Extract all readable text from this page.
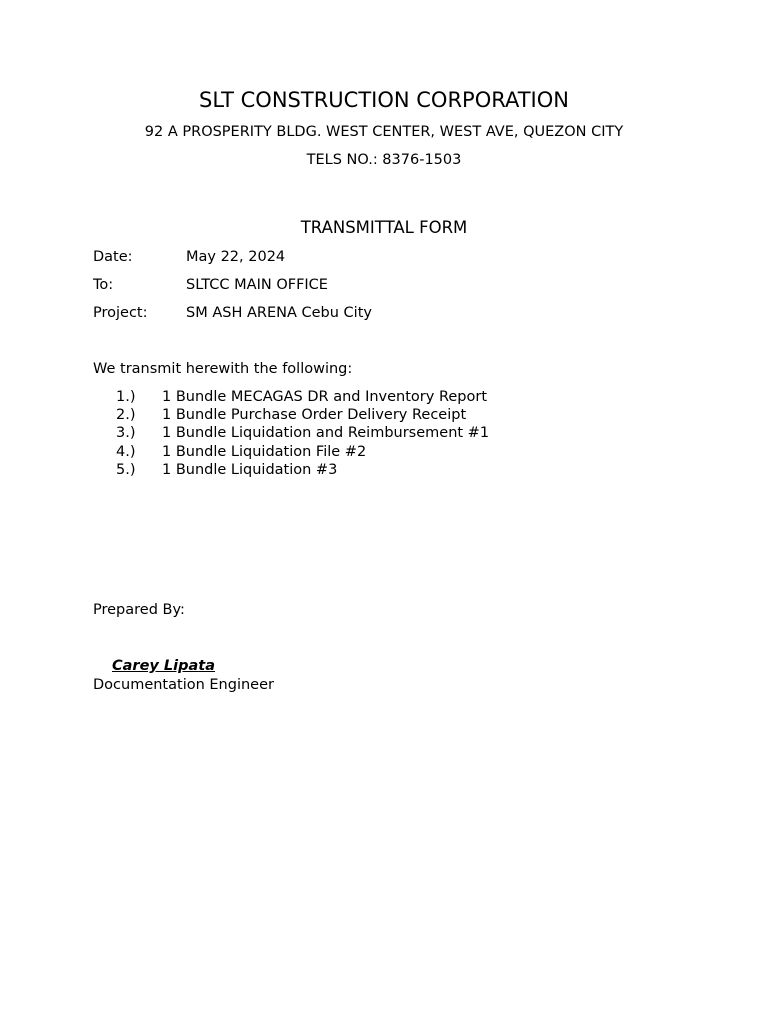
SLT CONSTRUCTION CORPORATION
92 A PROSPERITY BLDG. WEST CENTER, WEST AVE, QUEZON CITY
TELS NO.: 8376-1503
TRANSMITTAL FORM
Date:	May 22, 2024
To:	SLTCC MAIN OFFICE
Project:	SM ASH ARENA Cebu City
We transmit herewith the following:
1.) 1 Bundle MECAGAS DR and Inventory Report
2.) 1 Bundle Purchase Order Delivery Receipt
3.) 1 Bundle Liquidation and Reimbursement #1
4.) 1 Bundle Liquidation File #2
5.) 1 Bundle Liquidation #3
Prepared By:
Carey Lipata
Documentation Engineer
